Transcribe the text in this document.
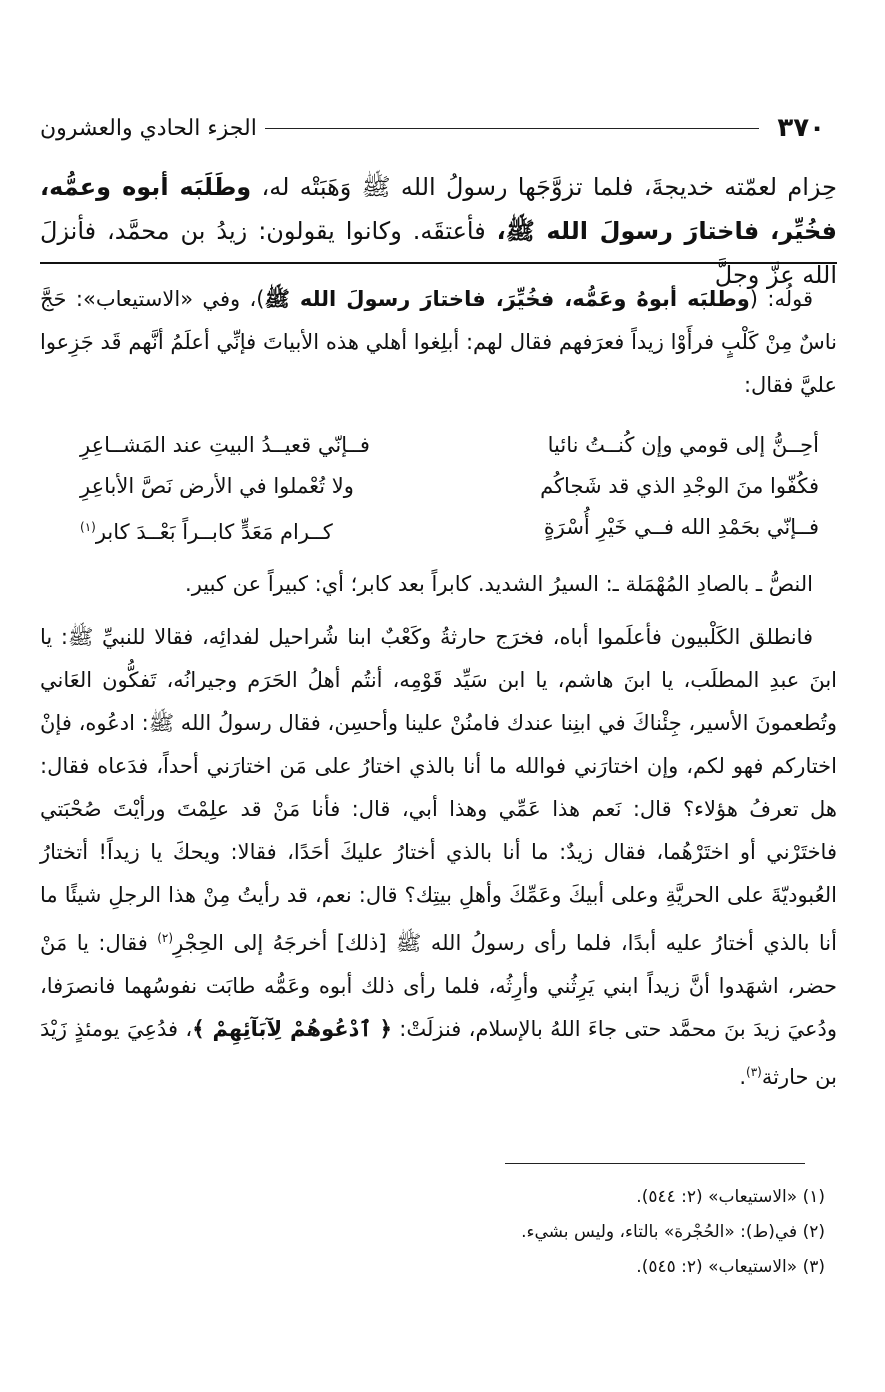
٣٧٠
الجزء الحادي والعشرون
حِزام لعمّته خديجةَ، فلما تزوَّجَها رسولُ الله ﷺ وَهَبَتْه له، وطَلَبَه أبوه وعمُّه، فخُيِّر، فاختارَ رسولَ الله ﷺ، فأعتقَه. وكانوا يقولون: زيدُ بن محمَّد، فأنزلَ الله عزَّ وجلَّ

قولُه: (وطلبَه أبوهُ وعَمُّه، فخُيِّرَ، فاختارَ رسولَ الله ﷺ)، وفي «الاستيعاب»: حَجَّ ناسٌ مِنْ كَلْبٍ فرأَوْا زيداً فعرَفهم فقال لهم: أبلِغوا أهلي هذه الأبياتَ فإنِّي أعلَمُ أنَّهم قَد جَزِعوا عليَّ فقال:

أحِــنُّ إلى قومي وإن كُنــتُ نائيا
فــإنّي قعيــدُ البيتِ عند المَشــاعِرِ
فكُفّوا منَ الوجْدِ الذي قد شَجاكُم
ولا تُعْملوا في الأرض نَصَّ الأباعِرِ
فــإنّي بحَمْدِ الله فــي خَيْرِ أُسْرَةٍ
كــرام مَعَدٍّ كابــراً بَعْــدَ كابر$^{(١)}$

النصُّ ـ بالصادِ المُهْمَلة ـ: السيرُ الشديد. كابراً بعد كابر؛ أي: كبيراً عن كبير.

فانطلق الكَلْبيون فأعلَموا أباه، فخرَج حارثةُ وكَعْبٌ ابنا شُراحيل لفدائِه، فقالا للنبيِّ ﷺ: يا ابنَ عبدِ المطلَب، يا ابنَ هاشم، يا ابن سَيِّد قَوْمِه، أنتُم أهلُ الحَرَم وجيرانُه، تَفكُّون العَاني وتُطعمونَ الأسير، جِئْناكَ في ابنِنا عندك فامنُنْ علينا وأحسِن، فقال رسولُ الله ﷺ: ادعُوه، فإنْ اختاركم فهو لكم، وإن اختارَني فوالله ما أنا بالذي اختارُ على مَن اختارَني أحداً، فدَعاه فقال: هل تعرفُ هؤلاء؟ قال: نَعم هذا عَمِّي وهذا أبي، قال: فأنا مَنْ قد علِمْتَ ورأيْتَ صُحْبَتي فاختَرْني أو اختَرْهُما، فقال زيدٌ: ما أنا بالذي أختارُ عليكَ أحَدًا، فقالا: ويحكَ يا زيداً! أتختارُ العُبوديّةَ على الحريَّةِ وعلى أبيكَ وعَمِّكَ وأهلِ بيتِك؟ قال: نعم، قد رأيتُ مِنْ هذا الرجلِ شيئًا ما أنا بالذي أختارُ عليه أبدًا، فلما رأى رسولُ الله ﷺ [ذلك] أخرجَهُ إلى الحِجْرِ$^{(٢)}$ فقال: يا مَنْ حضر، اشهَدوا أنَّ زيداً ابني يَرِثُني وأرِثُه، فلما رأى ذلك أبوه وعَمُّه طابَت نفوسُهما فانصرَفا، ودُعيَ زيدَ بنَ محمَّد حتى جاءَ اللهُ بالإسلام، فنزلَتْ: ﴿ ٱدْعُوهُمْ لِآبَآئِهِمْ ﴾، فدُعِيَ يومئذٍ زَيْدَ بن حارثة$^{(٣)}$.

(١) «الاستيعاب» (٢: ٥٤٤).
(٢) في(ط): «الحُجْرة» بالتاء، وليس بشيء.
(٣) «الاستيعاب» (٢: ٥٤٥).
